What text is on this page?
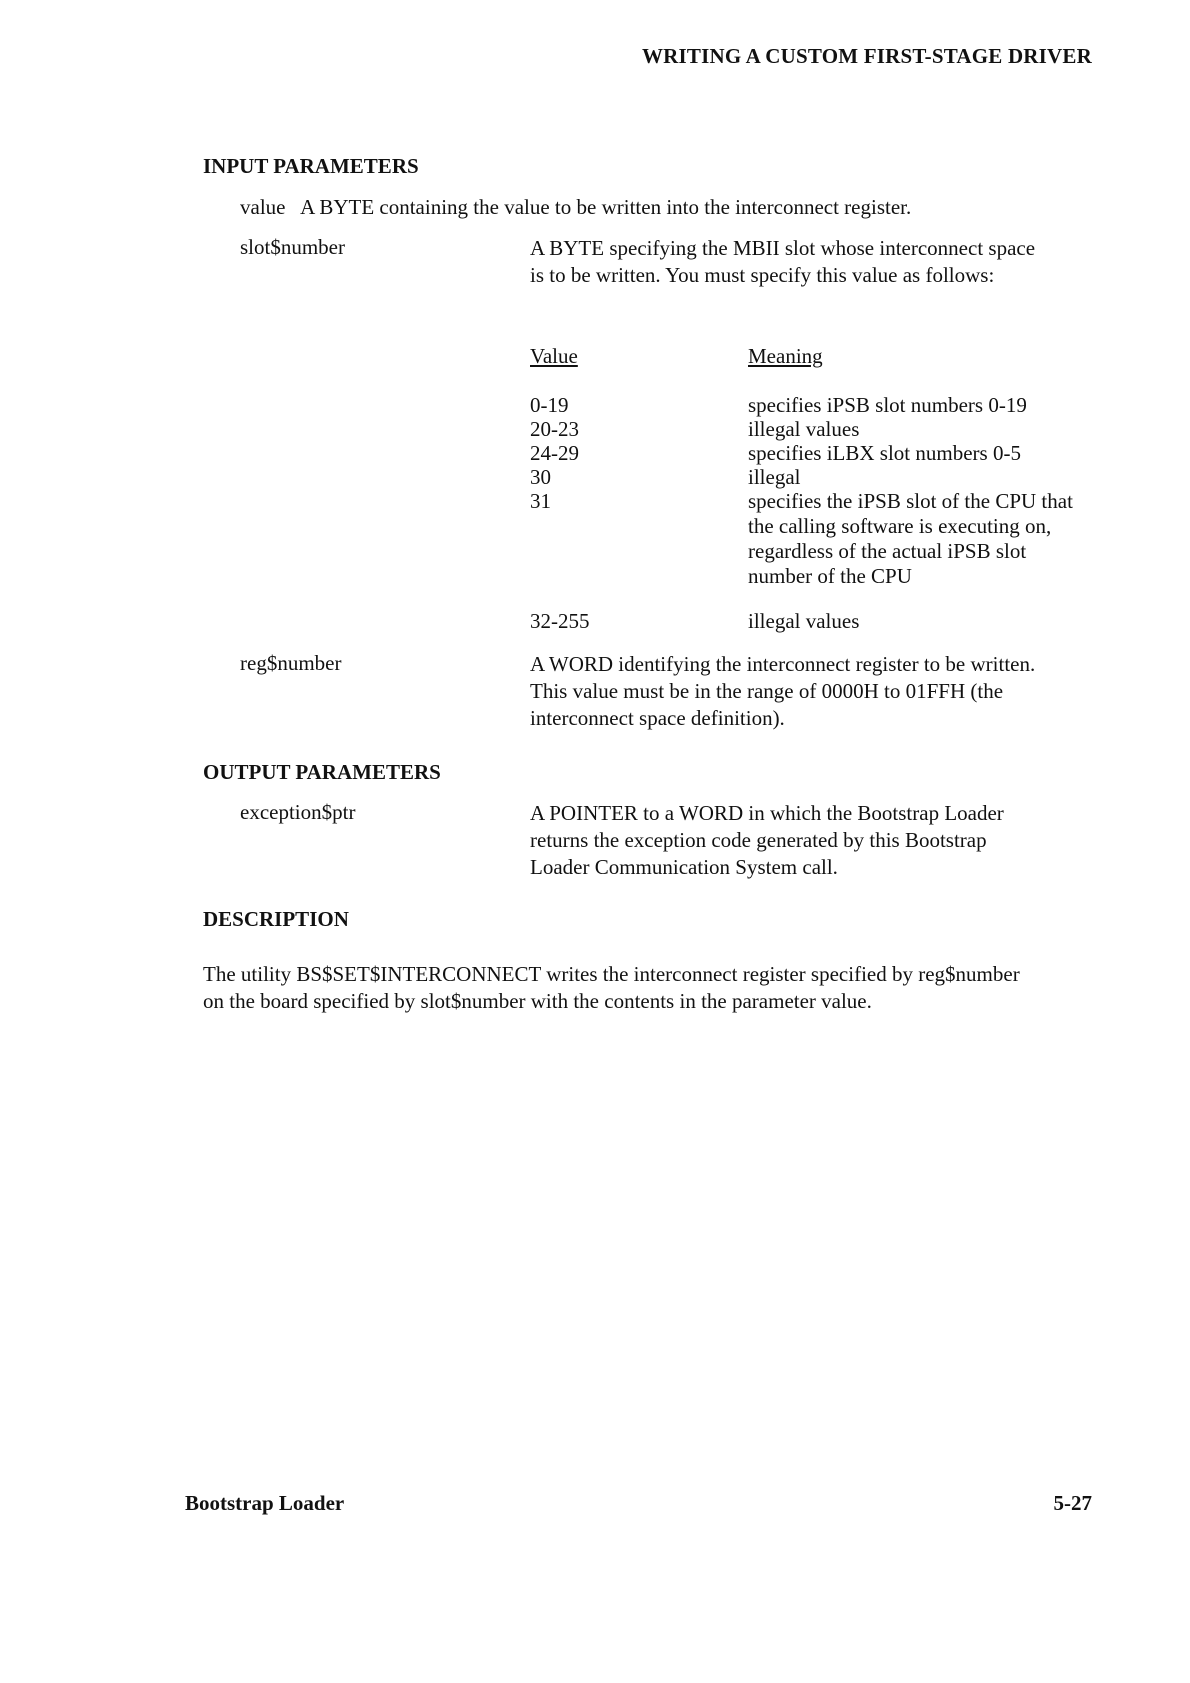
WRITING A CUSTOM FIRST-STAGE DRIVER
INPUT PARAMETERS
value   A BYTE containing the value to be written into the interconnect register.
slot$number	A BYTE specifying the MBII slot whose interconnect space is to be written. You must specify this value as follows:
Value	Meaning
0-19	specifies iPSB slot numbers 0-19
20-23	illegal values
24-29	specifies iLBX slot numbers 0-5
30	illegal
31	specifies the iPSB slot of the CPU that the calling software is executing on, regardless of the actual iPSB slot number of the CPU
32-255	illegal values
reg$number	A WORD identifying the interconnect register to be written. This value must be in the range of 0000H to 01FFH (the interconnect space definition).
OUTPUT PARAMETERS
exception$ptr	A POINTER to a WORD in which the Bootstrap Loader returns the exception code generated by this Bootstrap Loader Communication System call.
DESCRIPTION
The utility BS$SET$INTERCONNECT writes the interconnect register specified by reg$number on the board specified by slot$number with the contents in the parameter value.
Bootstrap Loader	5-27
